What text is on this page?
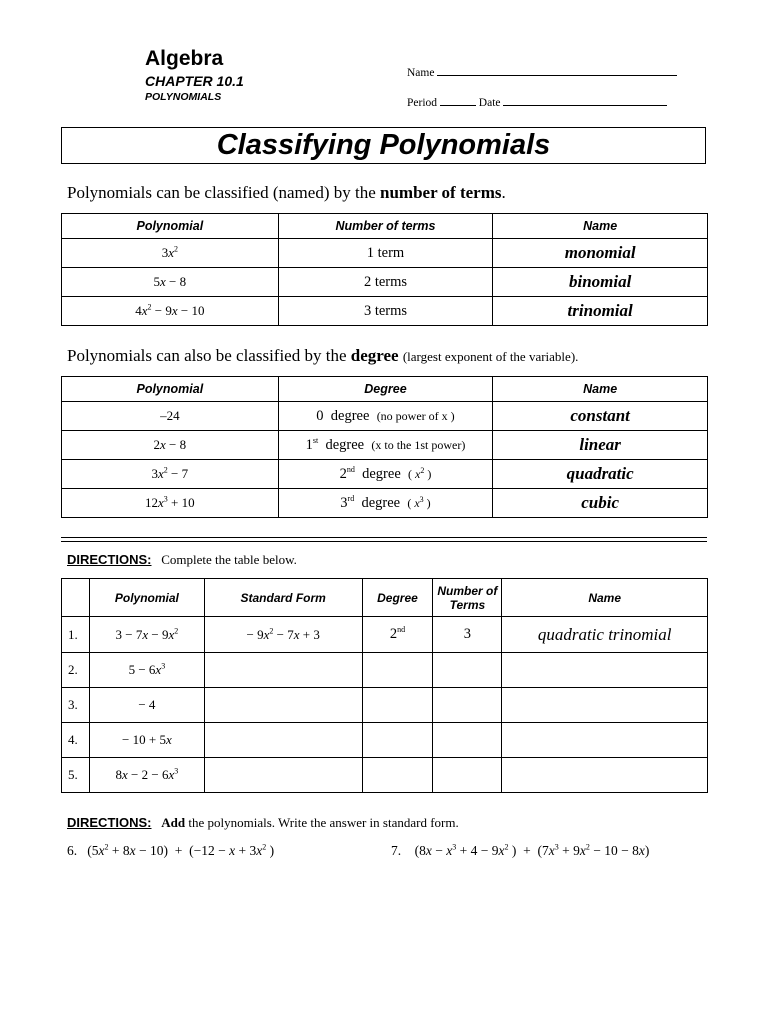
Algebra
CHAPTER 10.1
POLYNOMIALS
Name
Period	Date
Classifying Polynomials
Polynomials can be classified (named) by the number of terms.
Polynomial	Number of terms	Name
$3x^2$	1 term	monomial
5x − 8	2 terms	binomial
$4x^2 - 9x - 10$	3 terms	trinomial
Polynomials can also be classified by the degree (largest exponent of the variable).
Polynomial	Degree	Name
–24	0  degree (no power of x )	constant
2x − 8	1st degree (x to the 1st power)	linear
$3x^2 - 7$	2nd degree ( $x^2$ )	quadratic
$12x^3 + 10$	3rd degree ( $x^3$ )	cubic
DIRECTIONS: Complete the table below.
	Polynomial	Standard Form	Degree	Number of Terms	Name
1.	$3 - 7x - 9x^2$	− $9x^2 - 7x + 3$	2nd	3	quadratic trinomial
2.	$5 - 6x^3$				
3.	− 4				
4.	− 10 + 5x				
5.	$8x - 2 - 6x^3$				
DIRECTIONS: Add the polynomials. Write the answer in standard form.
6. $(5x^2 + 8x - 10) + (-12 - x + 3x^2$ )	7. ($8x - x^3 + 4 - 9x^2$ )  +  $(7x^3 + 9x^2 - 10 - 8x)$
